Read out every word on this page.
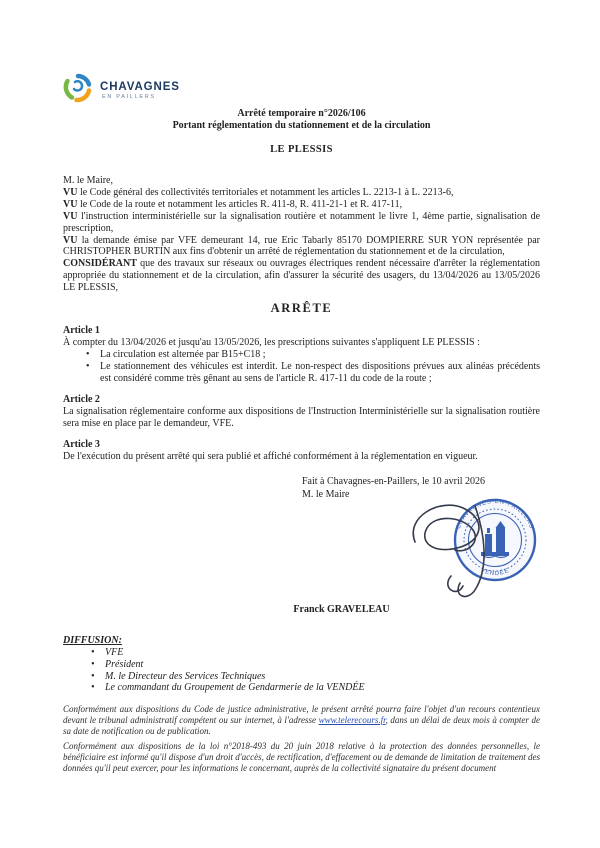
CHAVAGNES
EN PAILLERS

Arrêté temporaire n°2026/106

Portant réglementation du stationnement et de la circulation

LE PLESSIS

M. le Maire,

VU le Code général des collectivités territoriales et notamment les articles L. 2213-1 à L. 2213-6,

VU le Code de la route et notamment les articles R. 411-8, R. 411-21-1 et R. 417-11,

VU l'instruction interministérielle sur la signalisation routière et notamment le livre 1, 4ème partie, signalisation de prescription,

VU la demande émise par VFE demeurant 14, rue Eric Tabarly 85170 DOMPIERRE SUR YON représentée par CHRISTOPHER BURTIN aux fins d'obtenir un arrêté de réglementation du stationnement et de la circulation,

CONSIDÉRANT que des travaux sur réseaux ou ouvrages électriques rendent nécessaire d'arrêter la réglementation appropriée du stationnement et de la circulation, afin d'assurer la sécurité des usagers, du 13/04/2026 au 13/05/2026 LE PLESSIS,

ARRÊTE

Article 1

À compter du 13/04/2026 et jusqu'au 13/05/2026, les prescriptions suivantes s'appliquent LE PLESSIS :

• La circulation est alternée par B15+C18 ;
• Le stationnement des véhicules est interdit. Le non-respect des dispositions prévues aux alinéas précédents est considéré comme très gênant au sens de l'article R. 417-11 du code de la route ;

Article 2

La signalisation réglementaire conforme aux dispositions de l'Instruction Interministérielle sur la signalisation routière sera mise en place par le demandeur, VFE.

Article 3

De l'exécution du présent arrêté qui sera publié et affiché conformément à la réglementation en vigueur.

Fait à Chavagnes-en-Paillers, le 10 avril 2026

M. le Maire

CHAVAGNES-EN-PAILLERS
VENDÉE

Franck GRAVELEAU

DIFFUSION:

• VFE
• Président
• M. le Directeur des Services Techniques
• Le commandant du Groupement de Gendarmerie de la VENDÉE

Conformément aux dispositions du Code de justice administrative, le présent arrêté pourra faire l'objet d'un recours contentieux devant le tribunal administratif compétent ou sur internet, à l'adresse www.telerecours.fr, dans un délai de deux mois à compter de sa date de notification ou de publication.

Conformément aux dispositions de la loi n°2018-493 du 20 juin 2018 relative à la protection des données personnelles, le bénéficiaire est informé qu'il dispose d'un droit d'accès, de rectification, d'effacement ou de demande de limitation de traitement des données qu'il peut exercer, pour les informations le concernant, auprès de la collectivité signataire du présent document
